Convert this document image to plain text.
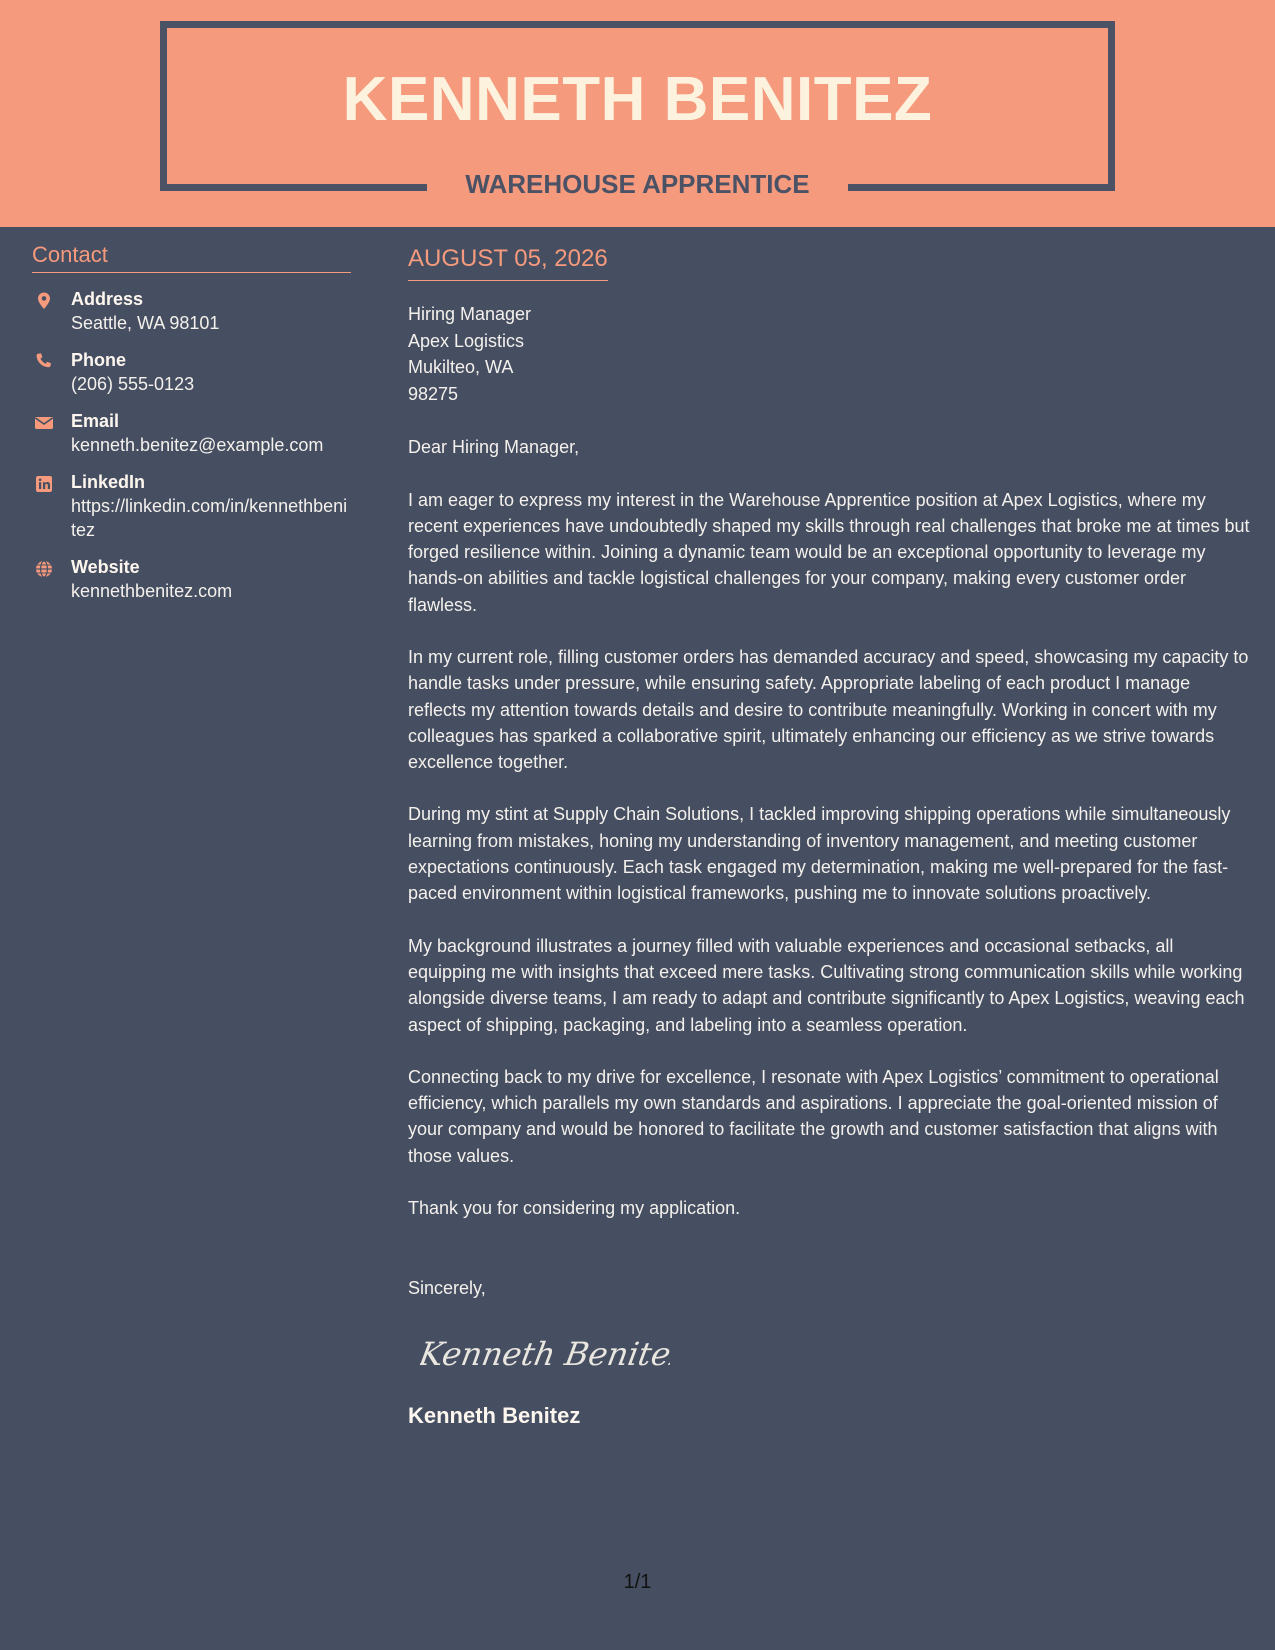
KENNETH BENITEZ
WAREHOUSE APPRENTICE
Contact
Address
Seattle, WA 98101
Phone
(206) 555-0123
Email
kenneth.benitez@example.com
LinkedIn
https://linkedin.com/in/kennethbenitez
Website
kennethbenitez.com
AUGUST 05, 2026
Hiring Manager
Apex Logistics
Mukilteo, WA
98275
Dear Hiring Manager,
I am eager to express my interest in the Warehouse Apprentice position at Apex Logistics, where my recent experiences have undoubtedly shaped my skills through real challenges that broke me at times but forged resilience within. Joining a dynamic team would be an exceptional opportunity to leverage my hands-on abilities and tackle logistical challenges for your company, making every customer order flawless.
In my current role, filling customer orders has demanded accuracy and speed, showcasing my capacity to handle tasks under pressure, while ensuring safety. Appropriate labeling of each product I manage reflects my attention towards details and desire to contribute meaningfully. Working in concert with my colleagues has sparked a collaborative spirit, ultimately enhancing our efficiency as we strive towards excellence together.
During my stint at Supply Chain Solutions, I tackled improving shipping operations while simultaneously learning from mistakes, honing my understanding of inventory management, and meeting customer expectations continuously. Each task engaged my determination, making me well-prepared for the fast-paced environment within logistical frameworks, pushing me to innovate solutions proactively.
My background illustrates a journey filled with valuable experiences and occasional setbacks, all equipping me with insights that exceed mere tasks. Cultivating strong communication skills while working alongside diverse teams, I am ready to adapt and contribute significantly to Apex Logistics, weaving each aspect of shipping, packaging, and labeling into a seamless operation.
Connecting back to my drive for excellence, I resonate with Apex Logistics’ commitment to operational efficiency, which parallels my own standards and aspirations. I appreciate the goal-oriented mission of your company and would be honored to facilitate the growth and customer satisfaction that aligns with those values.
Thank you for considering my application.
Sincerely,
Kenneth Benitez
Kenneth Benitez
1/1
